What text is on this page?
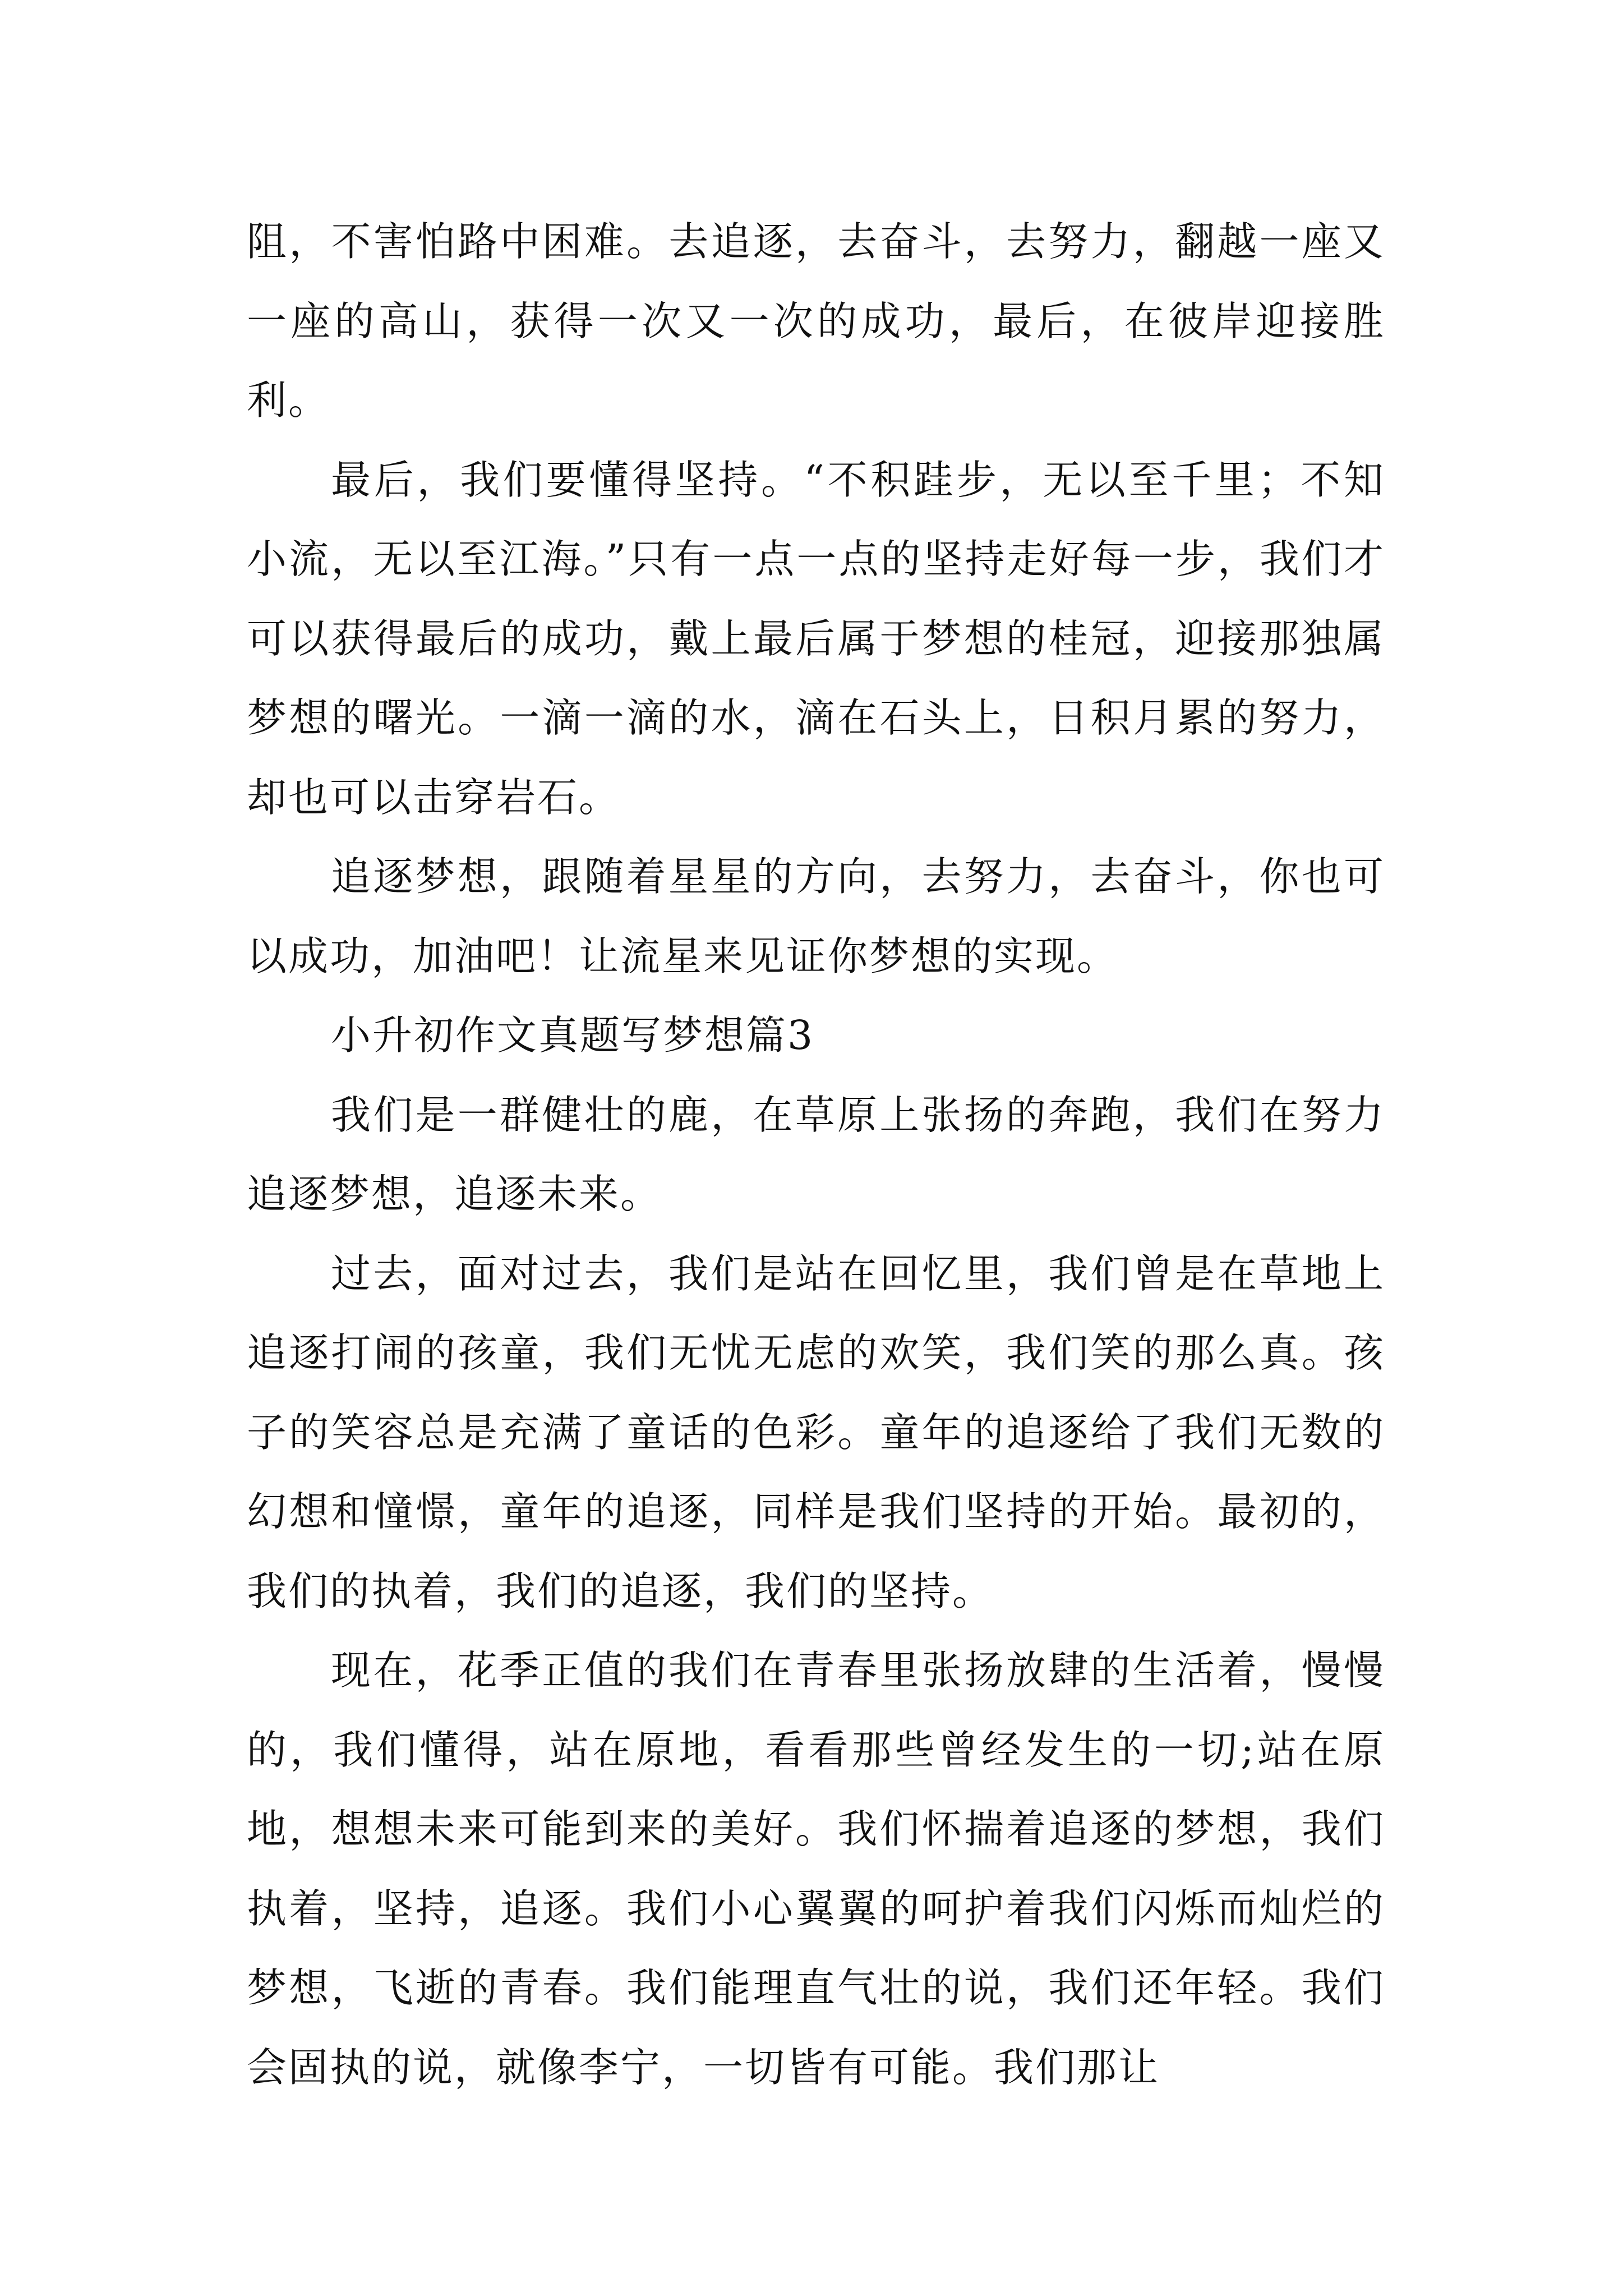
阻，不害怕路中困难。去追逐，去奋斗，去努力，翻越一座又一座的高山，获得一次又一次的成功，最后，在彼岸迎接胜利。

最后，我们要懂得坚持。“不积跬步，无以至千里；不知小流，无以至江海。”只有一点一点的坚持走好每一步，我们才可以获得最后的成功，戴上最后属于梦想的桂冠，迎接那独属梦想的曙光。一滴一滴的水，滴在石头上，日积月累的努力，却也可以击穿岩石。

追逐梦想，跟随着星星的方向，去努力，去奋斗，你也可以成功，加油吧！让流星来见证你梦想的实现。

小升初作文真题写梦想篇3

我们是一群健壮的鹿，在草原上张扬的奔跑，我们在努力追逐梦想，追逐未来。

过去，面对过去，我们是站在回忆里，我们曾是在草地上追逐打闹的孩童，我们无忧无虑的欢笑，我们笑的那么真。孩子的笑容总是充满了童话的色彩。童年的追逐给了我们无数的幻想和憧憬，童年的追逐，同样是我们坚持的开始。最初的，我们的执着，我们的追逐，我们的坚持。

现在，花季正值的我们在青春里张扬放肆的生活着，慢慢的，我们懂得，站在原地，看看那些曾经发生的一切;站在原地，想想未来可能到来的美好。我们怀揣着追逐的梦想，我们执着，坚持，追逐。我们小心翼翼的呵护着我们闪烁而灿烂的梦想，飞逝的青春。我们能理直气壮的说，我们还年轻。我们会固执的说，就像李宁，一切皆有可能。我们那让
